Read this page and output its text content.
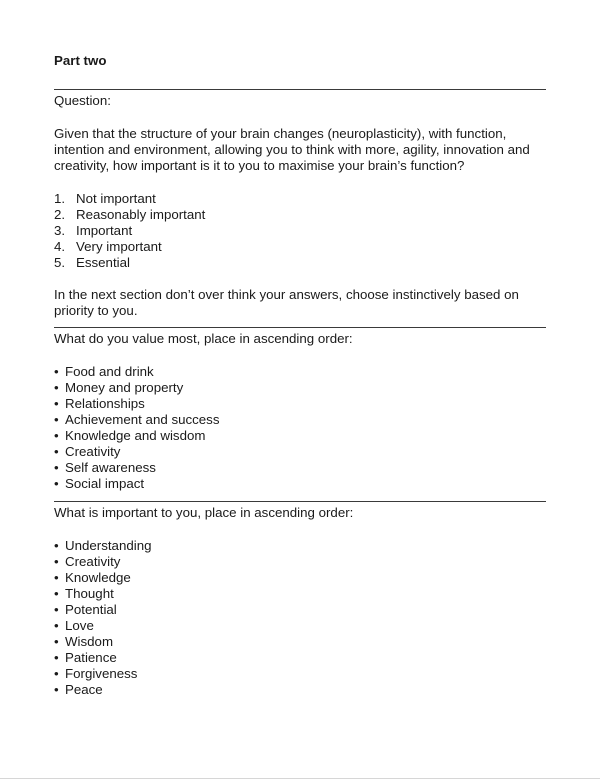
Part two
Question:

Given that the structure of your brain changes (neuroplasticity), with function, intention and environment, allowing you to think with more, agility, innovation and creativity, how important is it to you to maximise your brain’s function?

1. Not important
2. Reasonably important
3. Important
4. Very important
5. Essential

In the next section don’t over think your answers, choose instinctively based on priority to you.

What do you value most, place in ascending order:
• Food and drink
• Money and property
• Relationships
• Achievement and success
• Knowledge and wisdom
• Creativity
• Self awareness
• Social impact
What is important to you, place in ascending order:
• Understanding
• Creativity
• Knowledge
• Thought
• Potential
• Love
• Wisdom
• Patience
• Forgiveness
• Peace
